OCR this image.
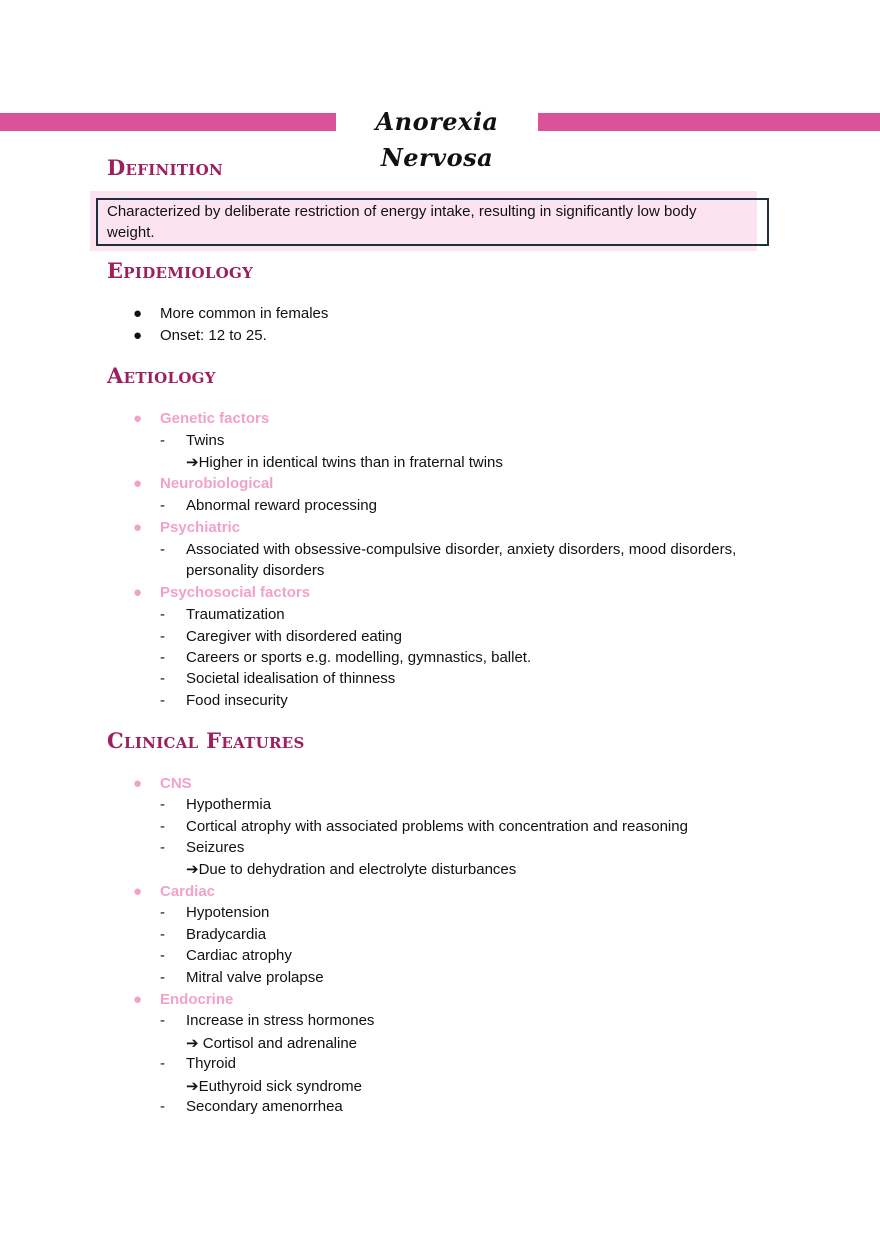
Anorexia Nervosa
Definition
Characterized by deliberate restriction of energy intake, resulting in significantly low body
weight.
Epidemiology
● More common in females
● Onset: 12 to 25.
Aetiology
● Genetic factors
- Twins
➔Higher in identical twins than in fraternal twins
● Neurobiological
- Abnormal reward processing
● Psychiatric
- Associated with obsessive-compulsive disorder, anxiety disorders, mood disorders,
personality disorders
● Psychosocial factors
- Traumatization
- Caregiver with disordered eating
- Careers or sports e.g. modelling, gymnastics, ballet.
- Societal idealisation of thinness
- Food insecurity
Clinical Features
● CNS
- Hypothermia
- Cortical atrophy with associated problems with concentration and reasoning
- Seizures
➔Due to dehydration and electrolyte disturbances
● Cardiac
- Hypotension
- Bradycardia
- Cardiac atrophy
- Mitral valve prolapse
● Endocrine
- Increase in stress hormones
➔ Cortisol and adrenaline
- Thyroid
➔Euthyroid sick syndrome
- Secondary amenorrhea
